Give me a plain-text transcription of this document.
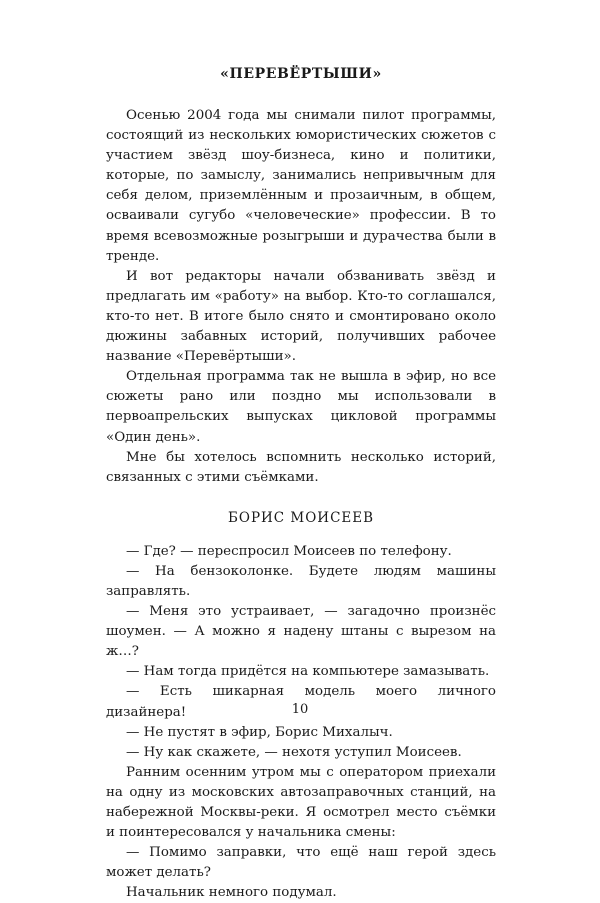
«ПЕРЕВЁРТЫШИ»

Осенью 2004 года мы снимали пилот программы, состоящий из нескольких юмористических сюжетов с участием звёзд шоу-бизнеса, кино и политики, которые, по замыслу, занимались непривычным для себя делом, приземлённым и прозаичным, в общем, осваивали сугубо «человеческие» профессии. В то время всевозможные розыгрыши и дурачества были в тренде.

И вот редакторы начали обзванивать звёзд и предлагать им «работу» на выбор. Кто-то соглашался, кто-то нет. В итоге было снято и смонтировано около дюжины забавных историй, получивших рабочее название «Перевёртыши».

Отдельная программа так не вышла в эфир, но все сюжеты рано или поздно мы использовали в первоапрельских выпусках цикловой программы «Один день».

Мне бы хотелось вспомнить несколько историй, связанных с этими съёмками.

БОРИС МОИСЕЕВ

— Где? — переспросил Моисеев по телефону.

— На бензоколонке. Будете людям машины заправлять.

— Меня это устраивает, — загадочно произнёс шоумен. — А можно я надену штаны с вырезом на ж…?

— Нам тогда придётся на компьютере замазывать.

— Есть шикарная модель моего личного дизайнера!

— Не пустят в эфир, Борис Михалыч.

— Ну как скажете, — нехотя уступил Моисеев.

Ранним осенним утром мы с оператором приехали на одну из московских автозаправочных станций, на набережной Москвы-реки. Я осмотрел место съёмки и поинтересовался у начальника смены:

— Помимо заправки, что ещё наш герой здесь может делать?

Начальник немного подумал.

10
